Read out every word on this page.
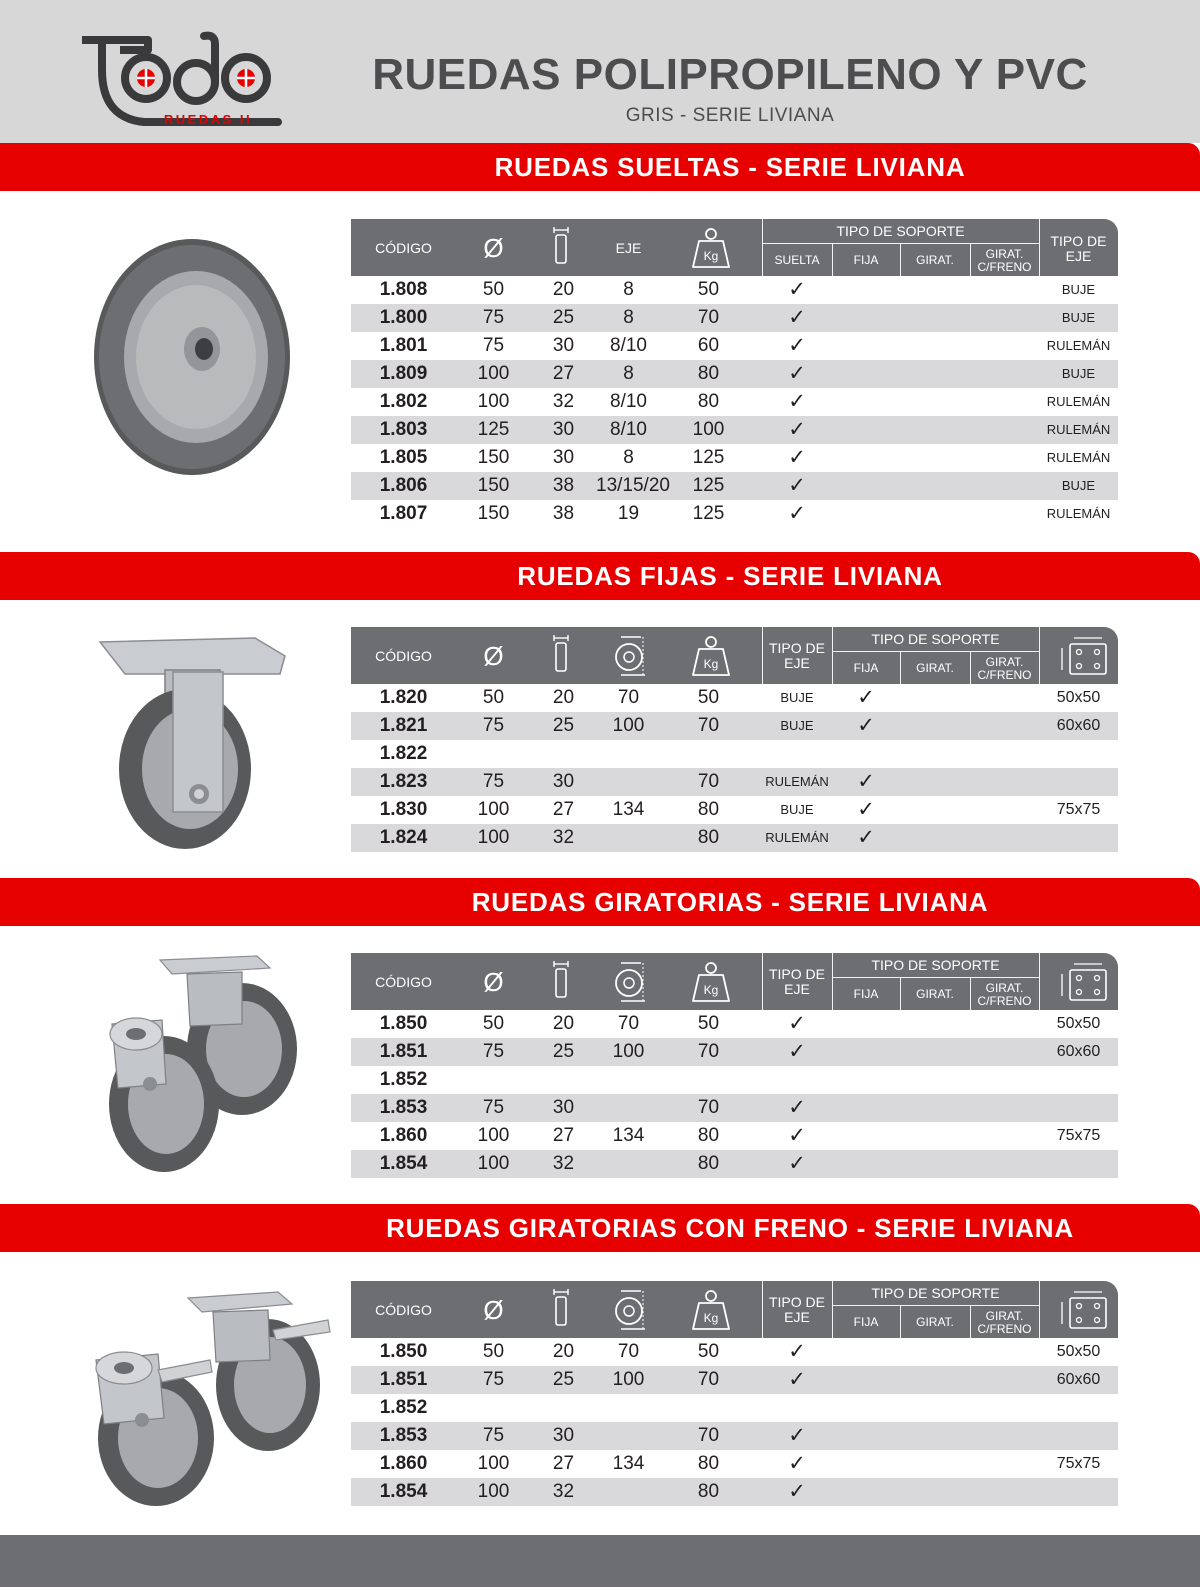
RUEDAS II
RUEDAS POLIPROPILENO Y PVC
GRIS - SERIE LIVIANA
RUEDAS SUELTAS - SERIE LIVIANA
CÓDIGO	Ø	EJE	Kg
TIPO DE SOPORTE
SUELTA	FIJA	GIRAT.	GIRAT.
C/FRENO
TIPO DE
EJE
1.808	50	20	8	50	✓	BUJE
1.800	75	25	8	70	✓	BUJE
1.801	75	30	8/10	60	✓	RULEMÁN
1.809	100	27	8	80	✓	BUJE
1.802	100	32	8/10	80	✓	RULEMÁN
1.803	125	30	8/10	100	✓	RULEMÁN
1.805	150	30	8	125	✓	RULEMÁN
1.806	150	38	13/15/20	125	✓	BUJE
1.807	150	38	19	125	✓	RULEMÁN
RUEDAS FIJAS - SERIE LIVIANA
CÓDIGO	Ø	Kg
TIPO DE
EJE
TIPO DE SOPORTE
FIJA	GIRAT.	GIRAT.
C/FRENO
1.820	50	20	70	50	BUJE	✓	50x50
1.821	75	25	100	70	BUJE	✓	60x60
1.822
1.823	75	30	70	RULEMÁN	✓
1.830	100	27	134	80	BUJE	✓	75x75
1.824	100	32	80	RULEMÁN	✓
RUEDAS GIRATORIAS - SERIE LIVIANA
CÓDIGO	Ø	Kg
TIPO DE
EJE
TIPO DE SOPORTE
FIJA	GIRAT.	GIRAT.
C/FRENO
1.850	50	20	70	50	✓	50x50
1.851	75	25	100	70	✓	60x60
1.852
1.853	75	30	70	✓
1.860	100	27	134	80	✓	75x75
1.854	100	32	80	✓
RUEDAS GIRATORIAS CON FRENO - SERIE LIVIANA
CÓDIGO	Ø	Kg
TIPO DE
EJE
TIPO DE SOPORTE
FIJA	GIRAT.	GIRAT.
C/FRENO
1.850	50	20	70	50	✓	50x50
1.851	75	25	100	70	✓	60x60
1.852
1.853	75	30	70	✓
1.860	100	27	134	80	✓	75x75
1.854	100	32	80	✓
